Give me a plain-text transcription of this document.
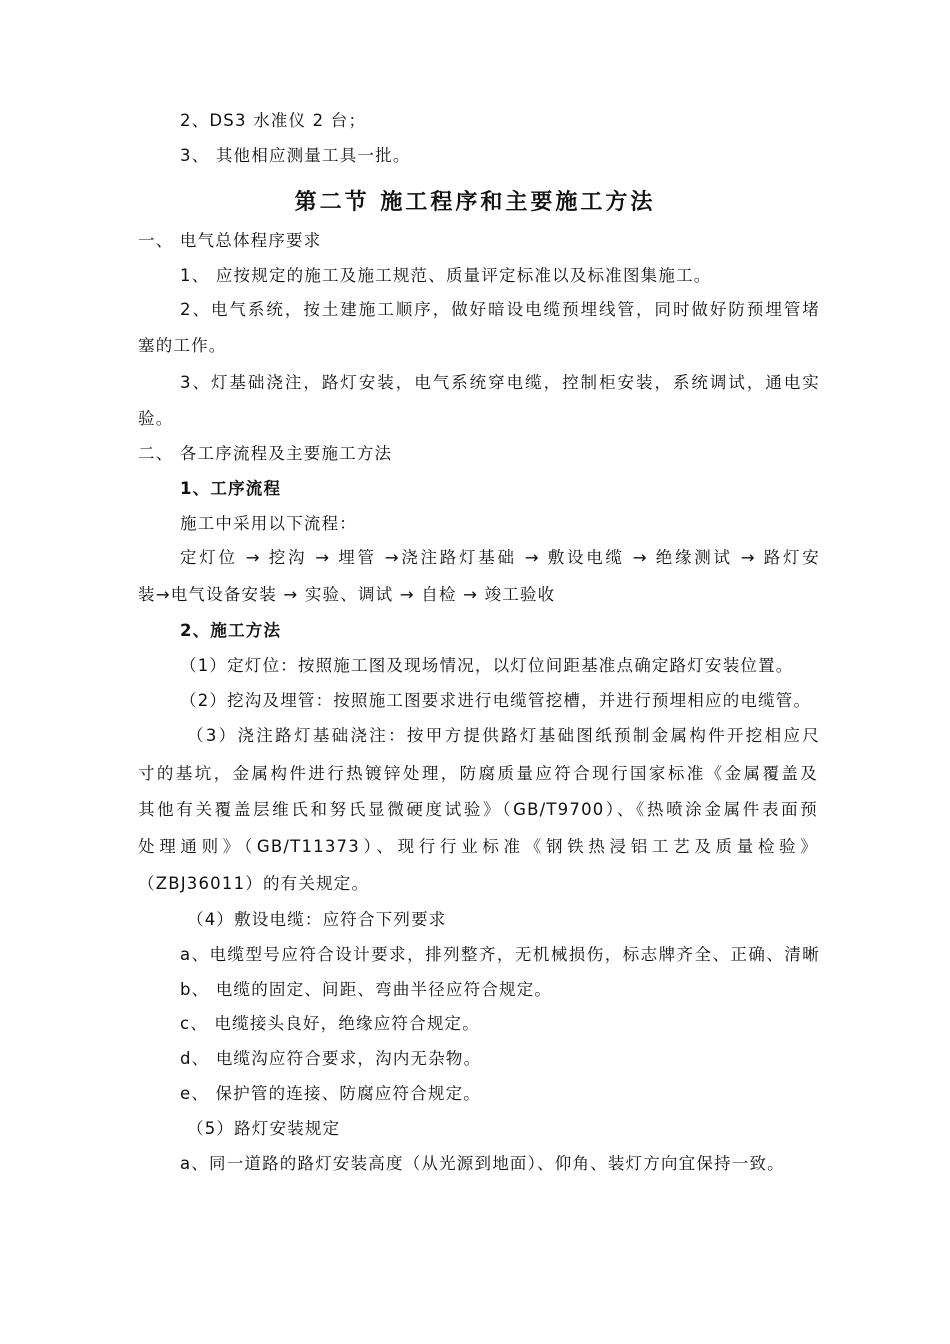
2、DS3 水准仪 2 台；
3、 其他相应测量工具一批。
第二节 施工程序和主要施工方法
一、 电气总体程序要求
1、 应按规定的施工及施工规范、质量评定标准以及标准图集施工。
2、电气系统，按土建施工顺序，做好暗设电缆预埋线管，同时做好防预埋管堵
塞的工作。
3、灯基础浇注，路灯安装，电气系统穿电缆，控制柜安装，系统调试，通电实
验。
二、 各工序流程及主要施工方法
1、工序流程
施工中采用以下流程：
定灯位 → 挖沟 → 埋管 →浇注路灯基础 → 敷设电缆 → 绝缘测试 → 路灯安
装→电气设备安装 → 实验、调试 → 自检 → 竣工验收
2、施工方法
（1）定灯位：按照施工图及现场情况，以灯位间距基准点确定路灯安装位置。
（2）挖沟及埋管：按照施工图要求进行电缆管挖槽，并进行预埋相应的电缆管。
（3）浇注路灯基础浇注：按甲方提供路灯基础图纸预制金属构件开挖相应尺
寸的基坑，金属构件进行热镀锌处理，防腐质量应符合现行国家标准《金属覆盖及
其他有关覆盖层维氏和努氏显微硬度试验》（GB/T9700）、《热喷涂金属件表面预
处理通则》（GB/T11373）、现行行业标准《钢铁热浸铝工艺及质量检验》
（ZBJ36011）的有关规定。
（4）敷设电缆：应符合下列要求
a、电缆型号应符合设计要求，排列整齐，无机械损伤，标志牌齐全、正确、清晰
b、 电缆的固定、间距、弯曲半径应符合规定。
c、 电缆接头良好，绝缘应符合规定。
d、 电缆沟应符合要求，沟内无杂物。
e、 保护管的连接、防腐应符合规定。
（5）路灯安装规定
a、同一道路的路灯安装高度（从光源到地面）、仰角、装灯方向宜保持一致。
